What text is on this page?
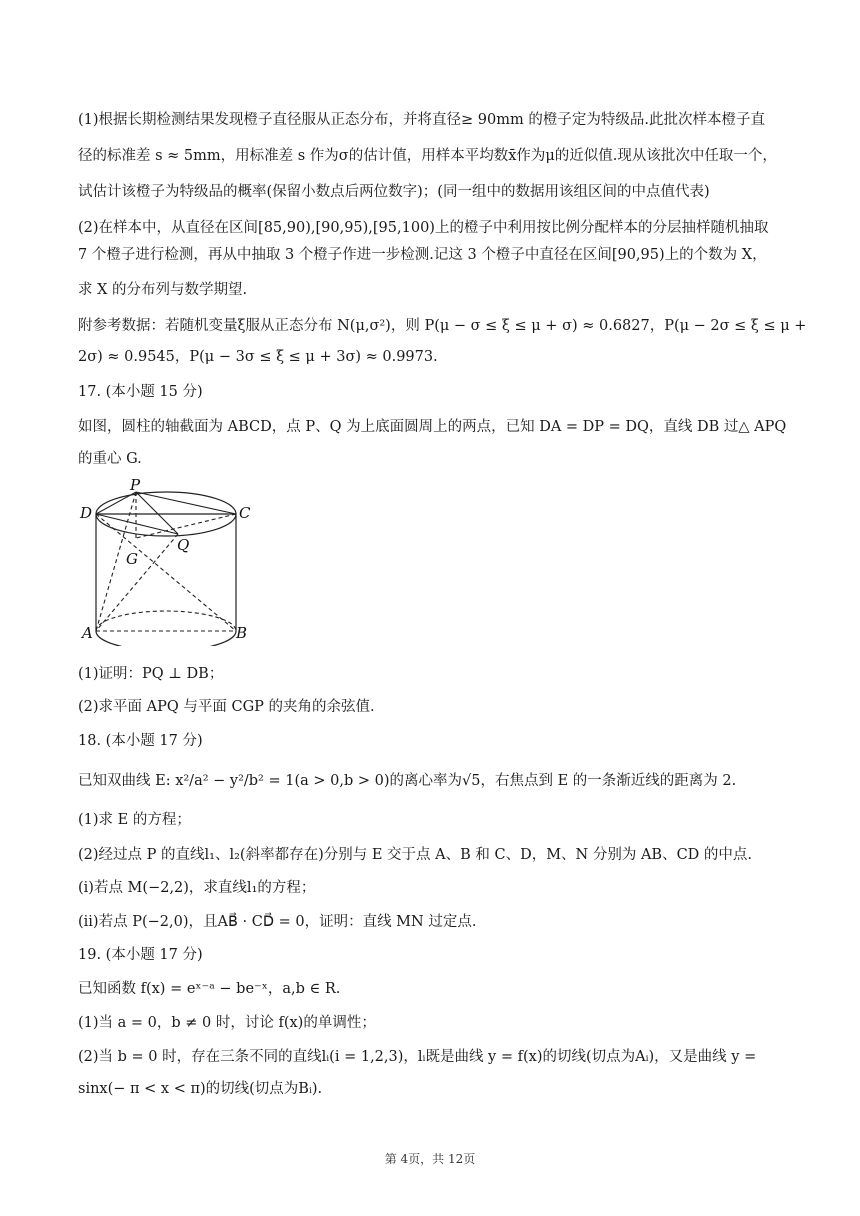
(1)根据长期检测结果发现橙子直径服从正态分布，并将直径≥ 90mm 的橙子定为特级品.此批次样本橙子直
径的标准差 s ≈ 5mm，用标准差 s 作为σ的估计值，用样本平均数x̄作为μ的近似值.现从该批次中任取一个，
试估计该橙子为特级品的概率(保留小数点后两位数字)；(同一组中的数据用该组区间的中点值代表)
(2)在样本中，从直径在区间[85,90),[90,95),[95,100)上的橙子中利用按比例分配样本的分层抽样随机抽取
7 个橙子进行检测，再从中抽取 3 个橙子作进一步检测.记这 3 个橙子中直径在区间[90,95)上的个数为 X，
求 X 的分布列与数学期望.
附参考数据：若随机变量ξ服从正态分布 N(μ,σ²)，则 P(μ − σ ≤ ξ ≤ μ + σ) ≈ 0.6827，P(μ − 2σ ≤ ξ ≤ μ +
2σ) ≈ 0.9545，P(μ − 3σ ≤ ξ ≤ μ + 3σ) ≈ 0.9973.
17. (本小题 15 分)
如图，圆柱的轴截面为 ABCD，点 P、Q 为上底面圆周上的两点，已知 DA = DP = DQ，直线 DB 过△ APQ
的重心 G.
P
D	C
Q
G
A	B
(1)证明：PQ ⊥ DB；
(2)求平面 APQ 与平面 CGP 的夹角的余弦值.
18. (本小题 17 分)
已知双曲线 E: x²/a² − y²/b² = 1(a > 0,b > 0)的离心率为√5，右焦点到 E 的一条渐近线的距离为 2.
(1)求 E 的方程；
(2)经过点 P 的直线l₁、l₂(斜率都存在)分别与 E 交于点 A、B 和 C、D，M、N 分别为 AB、CD 的中点.
(i)若点 M(−2,2)，求直线l₁的方程；
(ii)若点 P(−2,0)，且AB⃗ · CD⃗ = 0，证明：直线 MN 过定点.
19. (本小题 17 分)
已知函数 f(x) = eˣ⁻ᵃ − be⁻ˣ，a,b ∈ R.
(1)当 a = 0，b ≠ 0 时，讨论 f(x)的单调性；
(2)当 b = 0 时，存在三条不同的直线lᵢ(i = 1,2,3)，lᵢ既是曲线 y = f(x)的切线(切点为Aᵢ)，又是曲线 y =
sinx(− π < x < π)的切线(切点为Bᵢ).
第 4页，共 12页
